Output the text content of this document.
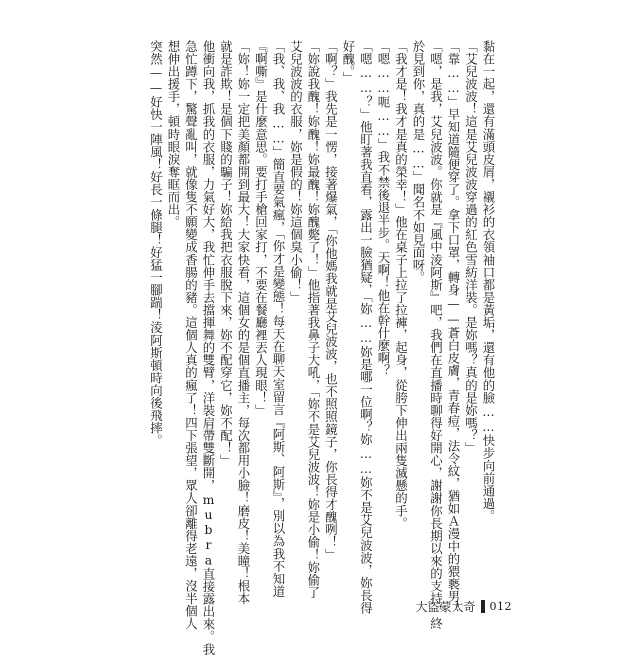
黏在一起，還有滿頭皮屑，襯衫的衣領袖口都是黃垢，還有他的臉……快步向前通過。
「艾兒波波！這是艾兒波波穿過的紅色雪紡洋裝。是妳嗎？真的是妳嗎？」
「靠……」早知道隨便穿了。拿下口罩，轉身——蒼白皮膚，青春痘，法令紋，猶如Ａ漫中的猥褻男。
「嗯，是我，艾兒波波。你就是『風中淩阿斯』吧，我們在直播時聊得好開心，謝謝你長期以來的支持，終
於見到你，真的是……」聞名不如見面呀。
「我才是！我才是真的榮幸！」他在桌子上拉了拉褲，起身，從胯下伸出兩隻滅懸的手。
「嗯……呃……」我不禁後退半步。天啊！他在幹什麼啊？
「嗯……？」他盯著我直看，露出一臉猶疑，「妳……妳是哪一位啊？妳……妳不是艾兒波波，妳長得
好醜。」
「啊？」我先是一愣，接著爆氣，「你他媽我就是艾兒波波，也不照照鏡子，你長得才醜咧！」
「妳說我醜！妳醜！妳最醜！妳醜斃了！」他指著我鼻子大吼，「妳不是艾兒波波！妳是小偷！妳偷了
艾兒波波的衣服，妳是假的！妳這個臭小偷！」
「我、我、我……」簡直要氣瘋，「你才是變態！每天在聊天室留言『阿斯、阿斯』，別以為我不知道
『啊嘶』是什麼意思。要打手槍回家打，不要在餐廳裡丟人現眼！」
「妳！妳一定把美顏都開到最大！大家快看，這個女的是個直播主，每次都用小臉！磨皮！美瞳！根本
就是詐欺！是個下賤的騙子！妳給我把衣服脫下來，妳不配穿它，妳不配！」
他衝向我，抓我的衣服，力氣好大，我忙伸手去擋揮舞的雙臂，洋裝肩帶雙斷開，mubra直接露出來。我
急忙蹲下，驚聲亂叫，就像隻不願變成香腸的豬。這個人真的瘋了！四下張望，眾人卻離得老遠，沒半個人
想伸出援手，頓時眼淚奪眶而出。
突然——好快一陣風！好長一條腿！好猛一腳踹！淩阿斯頓時向後飛摔。
大盜蒙太奇 012
